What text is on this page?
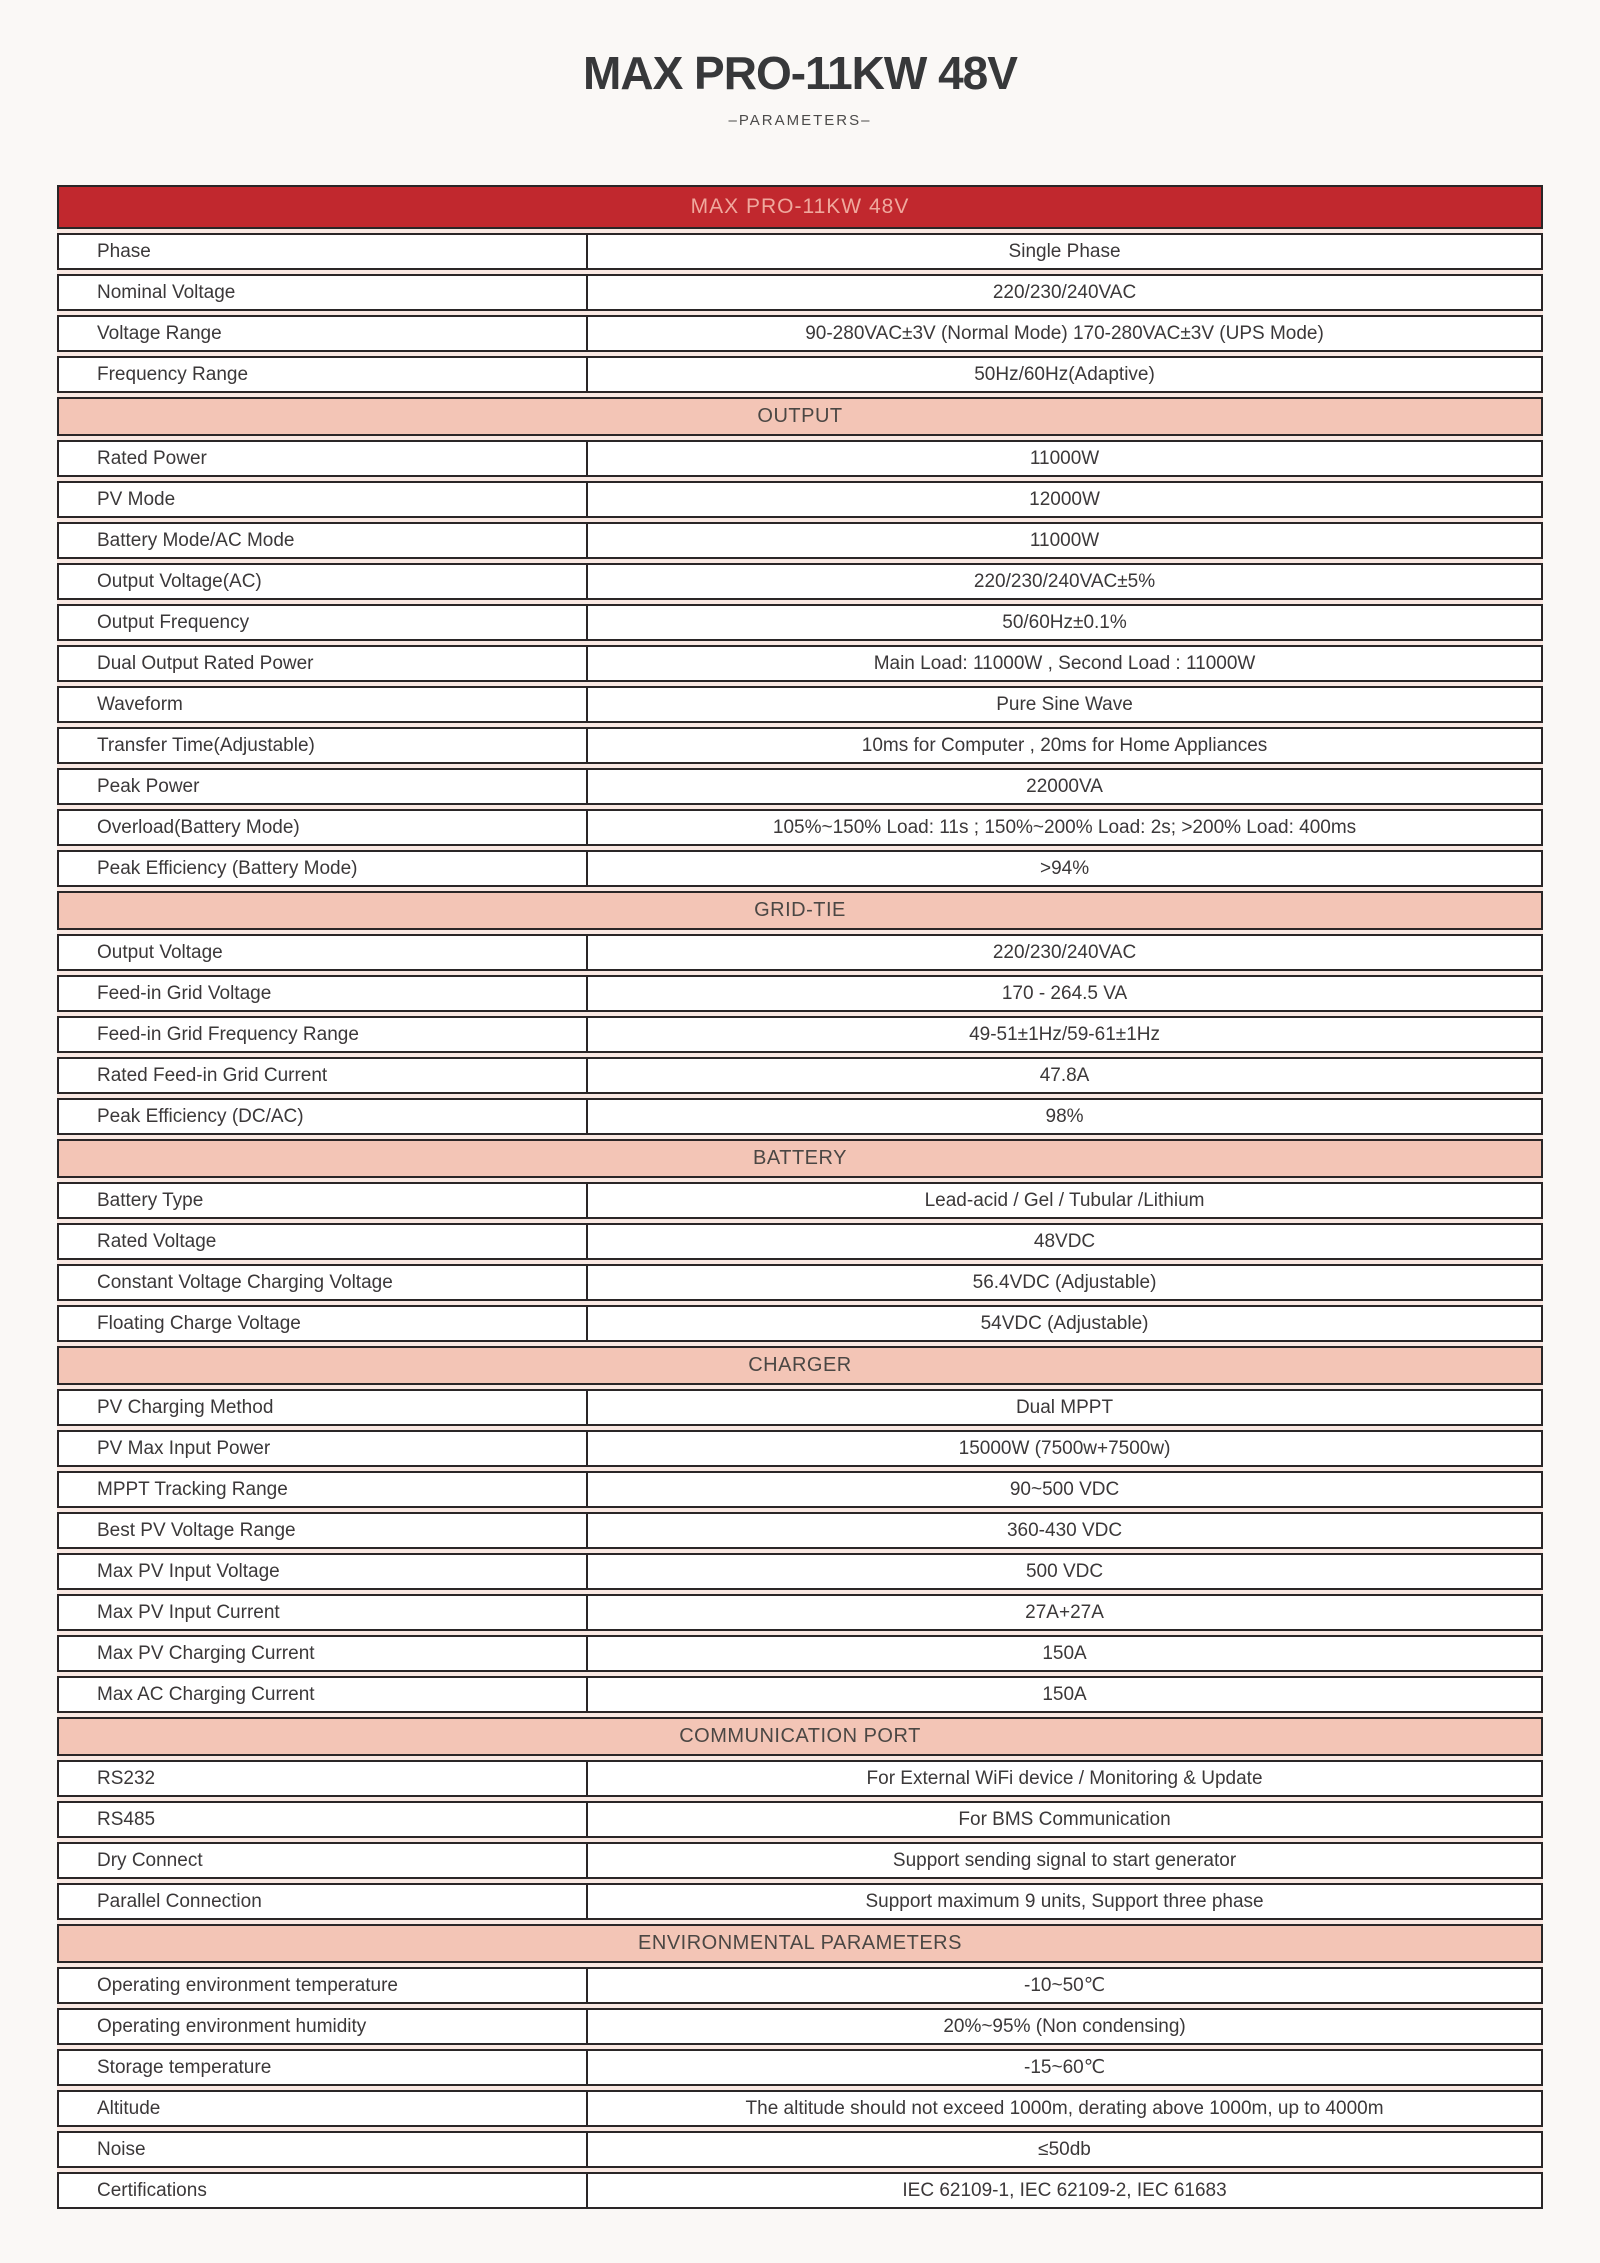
MAX PRO-11KW 48V
–PARAMETERS–
MAX PRO-11KW 48V
Phase	Single Phase
Nominal Voltage	220/230/240VAC
Voltage Range	90-280VAC±3V (Normal Mode) 170-280VAC±3V (UPS Mode)
Frequency Range	50Hz/60Hz(Adaptive)
OUTPUT
Rated Power	11000W
PV Mode	12000W
Battery Mode/AC Mode	11000W
Output Voltage(AC)	220/230/240VAC±5%
Output Frequency	50/60Hz±0.1%
Dual Output Rated Power	Main Load: 11000W , Second Load : 11000W
Waveform	Pure Sine Wave
Transfer Time(Adjustable)	10ms for Computer , 20ms for Home Appliances
Peak Power	22000VA
Overload(Battery Mode)	105%~150% Load: 11s ; 150%~200% Load: 2s; >200% Load: 400ms
Peak Efficiency (Battery Mode)	>94%
GRID-TIE
Output Voltage	220/230/240VAC
Feed-in Grid Voltage	170 - 264.5 VA
Feed-in Grid Frequency Range	49-51±1Hz/59-61±1Hz
Rated Feed-in Grid Current	47.8A
Peak Efficiency (DC/AC)	98%
BATTERY
Battery Type	Lead-acid / Gel / Tubular /Lithium
Rated Voltage	48VDC
Constant Voltage Charging Voltage	56.4VDC (Adjustable)
Floating Charge Voltage	54VDC (Adjustable)
CHARGER
PV Charging Method	Dual MPPT
PV Max Input Power	15000W (7500w+7500w)
MPPT Tracking Range	90~500 VDC
Best PV Voltage Range	360-430 VDC
Max PV Input Voltage	500 VDC
Max PV Input Current	27A+27A
Max PV Charging Current	150A
Max AC Charging Current	150A
COMMUNICATION PORT
RS232	For External WiFi device / Monitoring & Update
RS485	For BMS Communication
Dry Connect	Support sending signal to start generator
Parallel Connection	Support maximum 9 units, Support three phase
ENVIRONMENTAL PARAMETERS
Operating environment temperature	-10~50℃
Operating environment humidity	20%~95% (Non condensing)
Storage temperature	-15~60℃
Altitude	The altitude should not exceed 1000m, derating above 1000m, up to 4000m
Noise	≤50db
Certifications	IEC 62109-1, IEC 62109-2, IEC 61683
